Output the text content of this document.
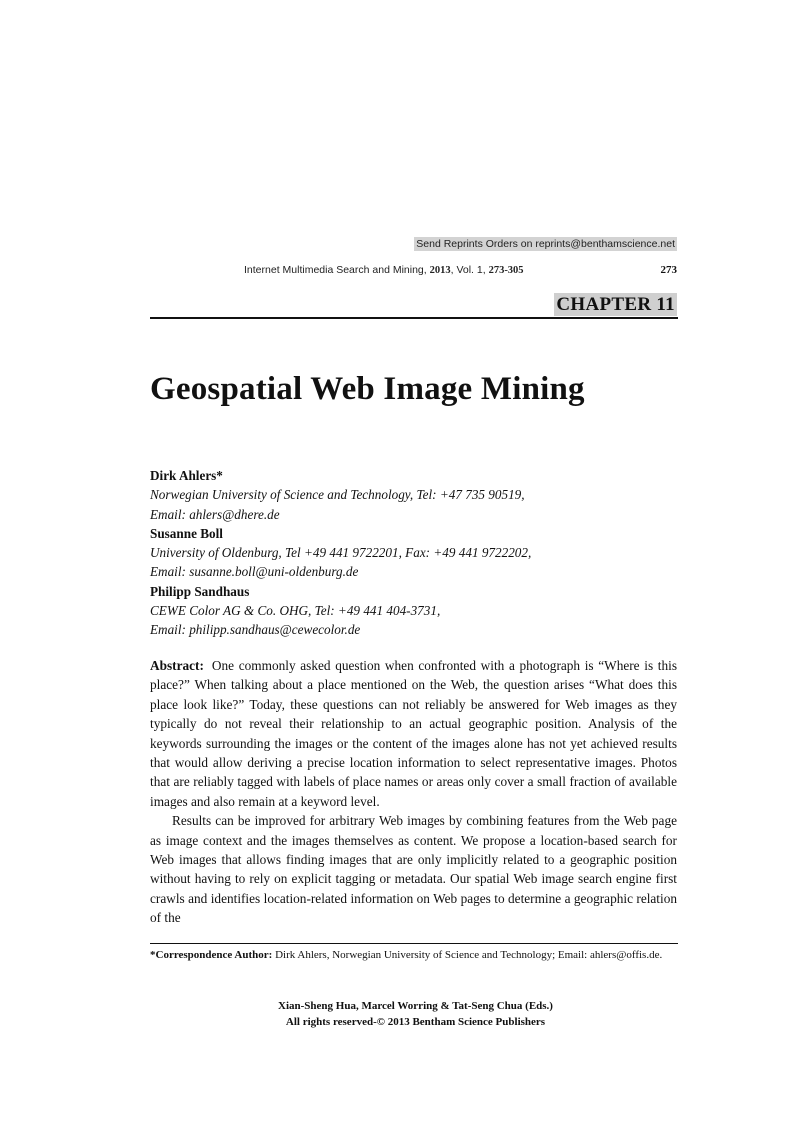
Send Reprints Orders on reprints@benthamscience.net
Internet Multimedia Search and Mining, 2013, Vol. 1, 273-305	273
CHAPTER 11
Geospatial Web Image Mining
Dirk Ahlers*
Norwegian University of Science and Technology, Tel: +47 735 90519,
Email: ahlers@dhere.de
Susanne Boll
University of Oldenburg, Tel +49 441 9722201, Fax: +49 441 9722202,
Email: susanne.boll@uni-oldenburg.de
Philipp Sandhaus
CEWE Color AG & Co. OHG, Tel: +49 441 404-3731,
Email: philipp.sandhaus@cewecolor.de

Abstract: One commonly asked question when confronted with a photograph is “Where is this place?” When talking about a place mentioned on the Web, the question arises “What does this place look like?” Today, these questions can not reliably be answered for Web images as they typically do not reveal their relationship to an actual geographic position. Analysis of the keywords surrounding the images or the content of the images alone has not yet achieved results that would allow deriving a precise location information to select representative images. Photos that are reliably tagged with labels of place names or areas only cover a small fraction of available images and also remain at a keyword level.

Results can be improved for arbitrary Web images by combining features from the Web page as image context and the images themselves as content. We propose a location-based search for Web images that allows finding images that are only implicitly related to a geographic position without having to rely on explicit tagging or metadata. Our spatial Web image search engine first crawls and identifies location-related information on Web pages to determine a geographic relation of the

*Correspondence Author: Dirk Ahlers, Norwegian University of Science and Technology; Email: ahlers@offis.de.
Xian-Sheng Hua, Marcel Worring & Tat-Seng Chua (Eds.)
All rights reserved-© 2013 Bentham Science Publishers
